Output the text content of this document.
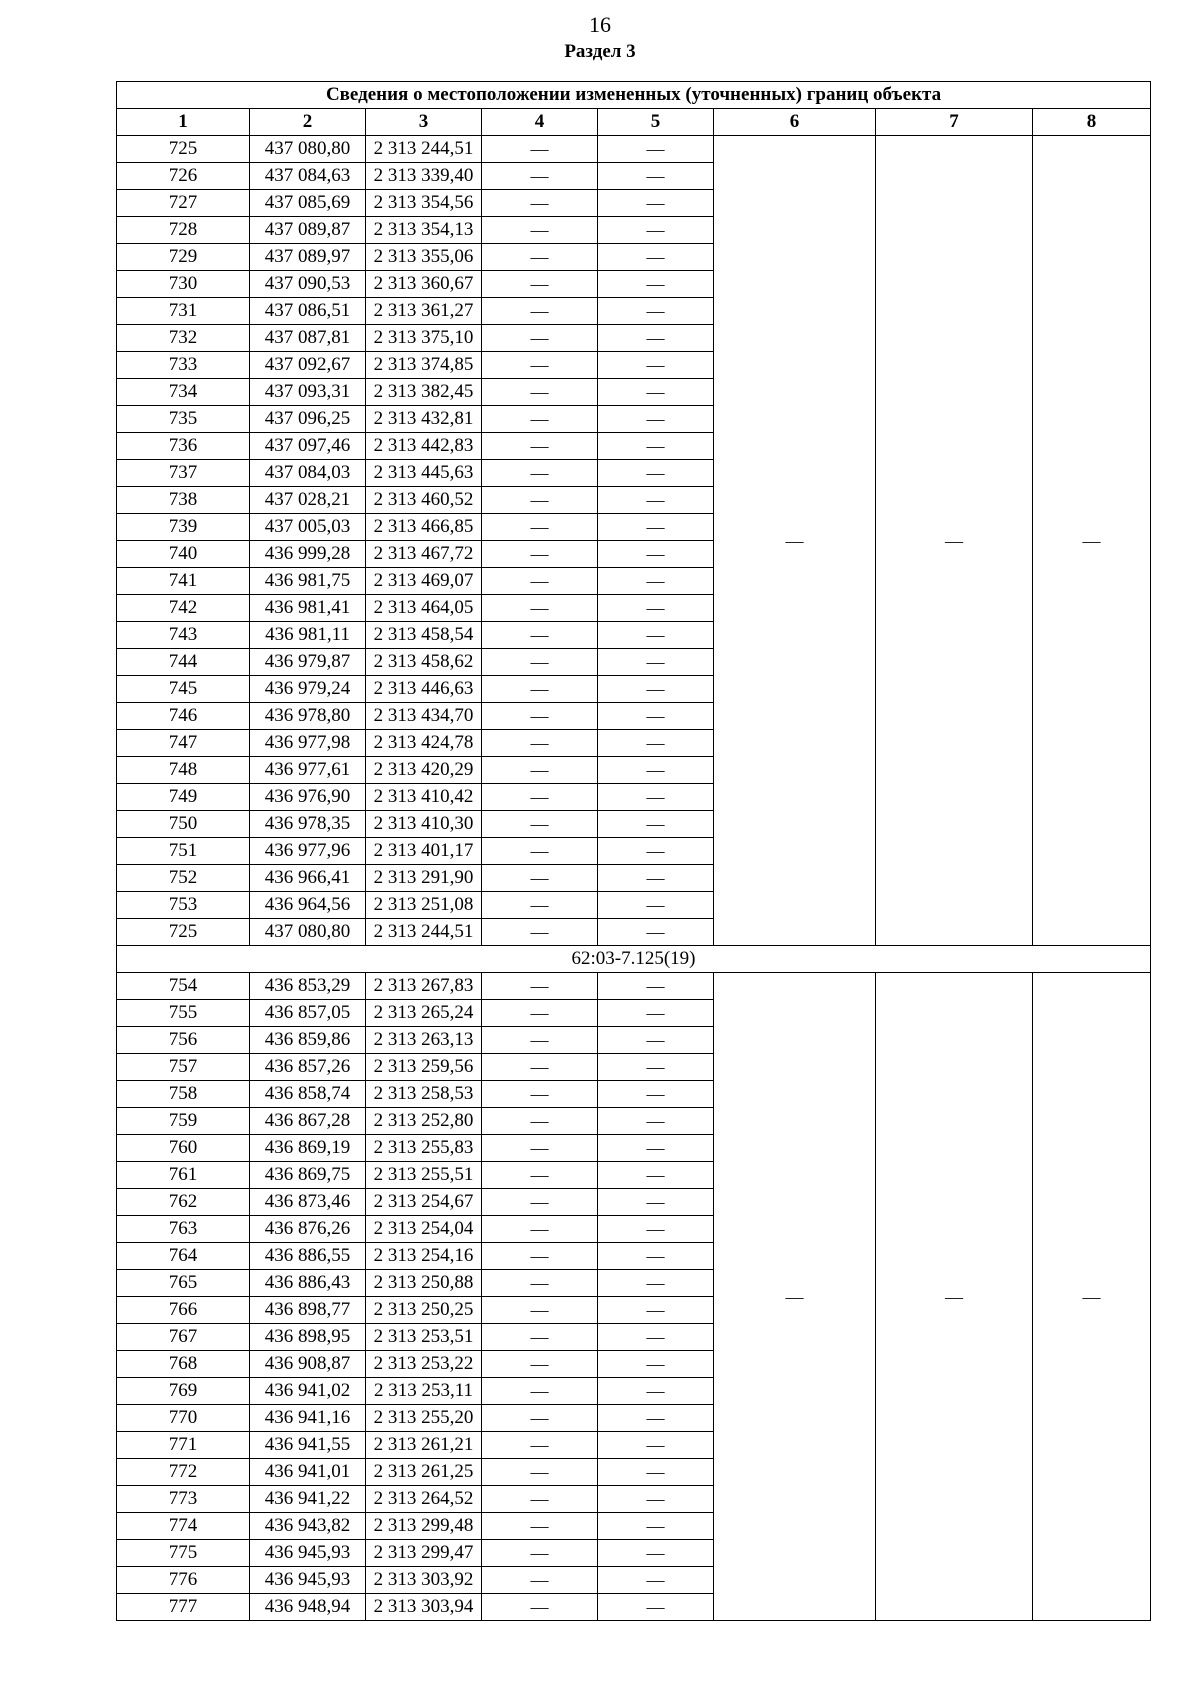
16
Раздел 3
Сведения о местоположении измененных (уточненных) границ объекта							
1	2	3	4	5	6	7	8
725	437 080,80	2 313 244,51	—	—	—	—	—
726	437 084,63	2 313 339,40	—	—			
727	437 085,69	2 313 354,56	—	—			
728	437 089,87	2 313 354,13	—	—			
729	437 089,97	2 313 355,06	—	—			
730	437 090,53	2 313 360,67	—	—			
731	437 086,51	2 313 361,27	—	—			
732	437 087,81	2 313 375,10	—	—			
733	437 092,67	2 313 374,85	—	—			
734	437 093,31	2 313 382,45	—	—			
735	437 096,25	2 313 432,81	—	—			
736	437 097,46	2 313 442,83	—	—			
737	437 084,03	2 313 445,63	—	—			
738	437 028,21	2 313 460,52	—	—			
739	437 005,03	2 313 466,85	—	—			
740	436 999,28	2 313 467,72	—	—			
741	436 981,75	2 313 469,07	—	—			
742	436 981,41	2 313 464,05	—	—			
743	436 981,11	2 313 458,54	—	—			
744	436 979,87	2 313 458,62	—	—			
745	436 979,24	2 313 446,63	—	—			
746	436 978,80	2 313 434,70	—	—			
747	436 977,98	2 313 424,78	—	—			
748	436 977,61	2 313 420,29	—	—			
749	436 976,90	2 313 410,42	—	—			
750	436 978,35	2 313 410,30	—	—			
751	436 977,96	2 313 401,17	—	—			
752	436 966,41	2 313 291,90	—	—			
753	436 964,56	2 313 251,08	—	—			
725	437 080,80	2 313 244,51	—	—			
62:03-7.125(19)							
754	436 853,29	2 313 267,83	—	—	—	—	—
755	436 857,05	2 313 265,24	—	—			
756	436 859,86	2 313 263,13	—	—			
757	436 857,26	2 313 259,56	—	—			
758	436 858,74	2 313 258,53	—	—			
759	436 867,28	2 313 252,80	—	—			
760	436 869,19	2 313 255,83	—	—			
761	436 869,75	2 313 255,51	—	—			
762	436 873,46	2 313 254,67	—	—			
763	436 876,26	2 313 254,04	—	—			
764	436 886,55	2 313 254,16	—	—			
765	436 886,43	2 313 250,88	—	—			
766	436 898,77	2 313 250,25	—	—			
767	436 898,95	2 313 253,51	—	—			
768	436 908,87	2 313 253,22	—	—			
769	436 941,02	2 313 253,11	—	—			
770	436 941,16	2 313 255,20	—	—			
771	436 941,55	2 313 261,21	—	—			
772	436 941,01	2 313 261,25	—	—			
773	436 941,22	2 313 264,52	—	—			
774	436 943,82	2 313 299,48	—	—			
775	436 945,93	2 313 299,47	—	—			
776	436 945,93	2 313 303,92	—	—			
777	436 948,94	2 313 303,94	—	—			
